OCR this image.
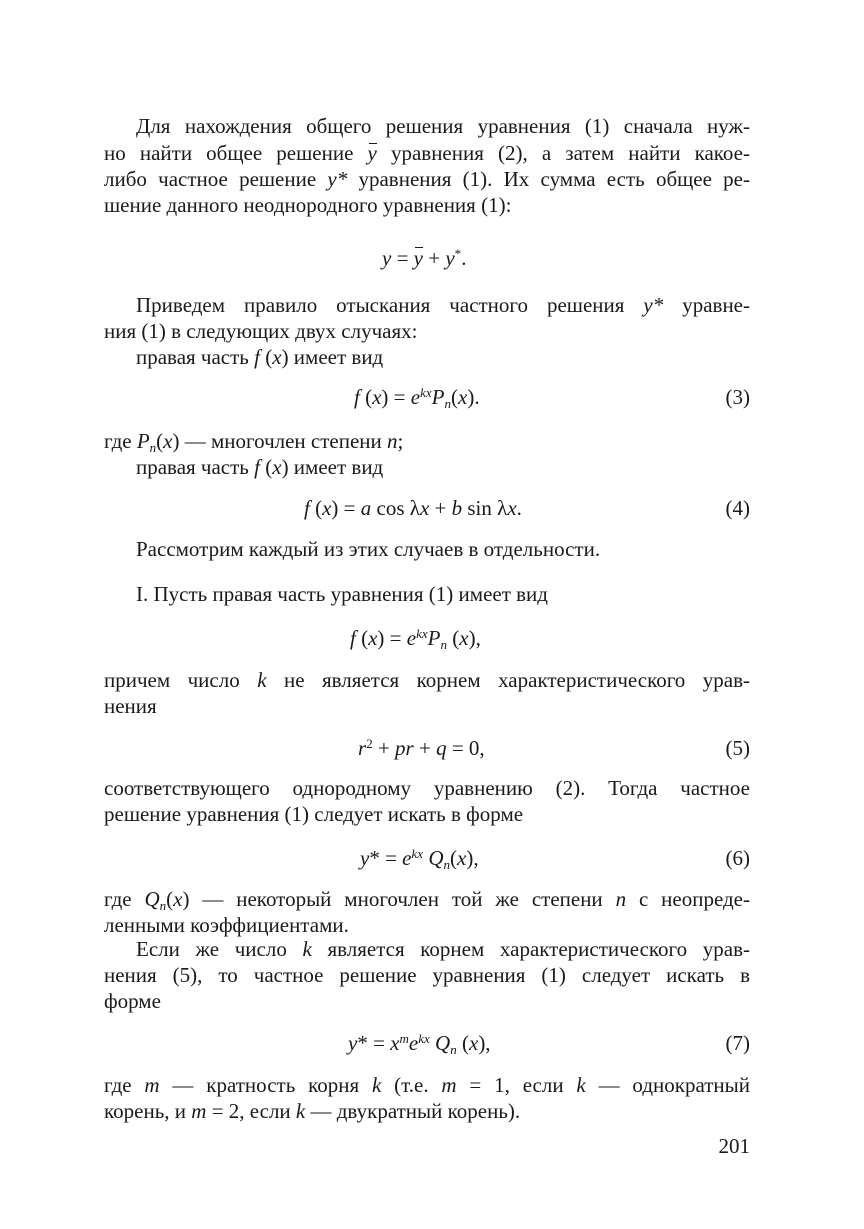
Для нахождения общего решения уравнения (1) сначала нуж-
но найти общее решение y уравнения (2), а затем найти какое-
либо частное решение y* уравнения (1). Их сумма есть общее ре-
шение данного неоднородного уравнения (1):
y = y + y*.
Приведем правило отыскания частного решения y* уравне-
ния (1) в следующих двух случаях:
правая часть f (x) имеет вид
f $(x) = e^{kx}P_n(x)$.	(3)
где $P_n(x)$ — многочлен степени n;
правая часть f (x) имеет вид
f (x) = a cos λx + b sin λx.	(4)
Рассмотрим каждый из этих случаев в отдельности.
I. Пусть правая часть уравнения (1) имеет вид
f $(x) = e^{kx}P_n$ (x),
причем число k не является корнем характеристического урав-
нения
$r^2$ + pr + q = 0,	(5)
соответствующего однородному уравнению (2). Тогда частное
решение уравнения (1) следует искать в форме
$y* = e^{kx}$ $Q_n(x)$,	(6)
где $Q_n(x)$ — некоторый многочлен той же степени n с неопреде-
ленными коэффициентами.
Если же число k является корнем характеристического урав-
нения (5), то частное решение уравнения (1) следует искать в
форме
$y* = x^me^{kx}$ $Q_n$ (x),	(7)
где m — кратность корня k (т.е. m = 1, если k — однократный
корень, и m = 2, если k — двукратный корень).
201
